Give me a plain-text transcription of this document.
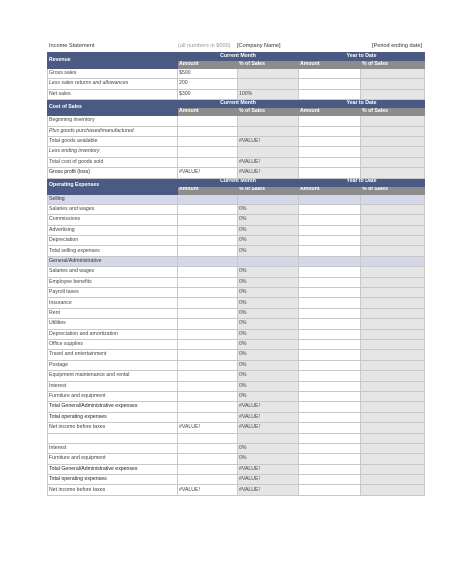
Income Statement	(all numbers in $000) [Company Name]	[Period ending date]
Revenue	Current Month		Year to Date	
	Amount	% of Sales	Amount	% of Sales
Gross sales	$500			
Less sales returns and allowances	200			
Net sales	$300	100%		
Cost of Sales	Current Month		Year to Date	
	Amount	% of Sales	Amount	% of Sales
Beginning inventory				
Plus goods purchased/manufactured				
Total goods available		#VALUE!		
Less ending inventory				
Total cost of goods sold		#VALUE!		
Gross profit (loss)	#VALUE!	#VALUE!		
Operating Expenses	Current Month		Year to Date	
	Amount	% of Sales	Amount	% of Sales
Selling				
Salaries and wages		0%		
Commissions		0%		
Advertising		0%		
Depreciation		0%		
Total selling expenses		0%		
General/Administrative				
Salaries and wages		0%		
Employee benefits		0%		
Payroll taxes		0%		
Insurance		0%		
Rent		0%		
Utilities		0%		
Depreciation and amortization		0%		
Office supplies		0%		
Travel and entertainment		0%		
Postage		0%		
Equipment maintenance and rental		0%		
Interest		0%		
Furniture and equipment		0%		
Total General/Administrative expenses		#VALUE!		
Total operating expenses		#VALUE!		
Net income before taxes	#VALUE!	#VALUE!		

Interest		0%		
Furniture and equipment		0%		
Total General/Administrative expenses		#VALUE!		
Total operating expenses		#VALUE!		
Net income before taxes	#VALUE!	#VALUE!		
